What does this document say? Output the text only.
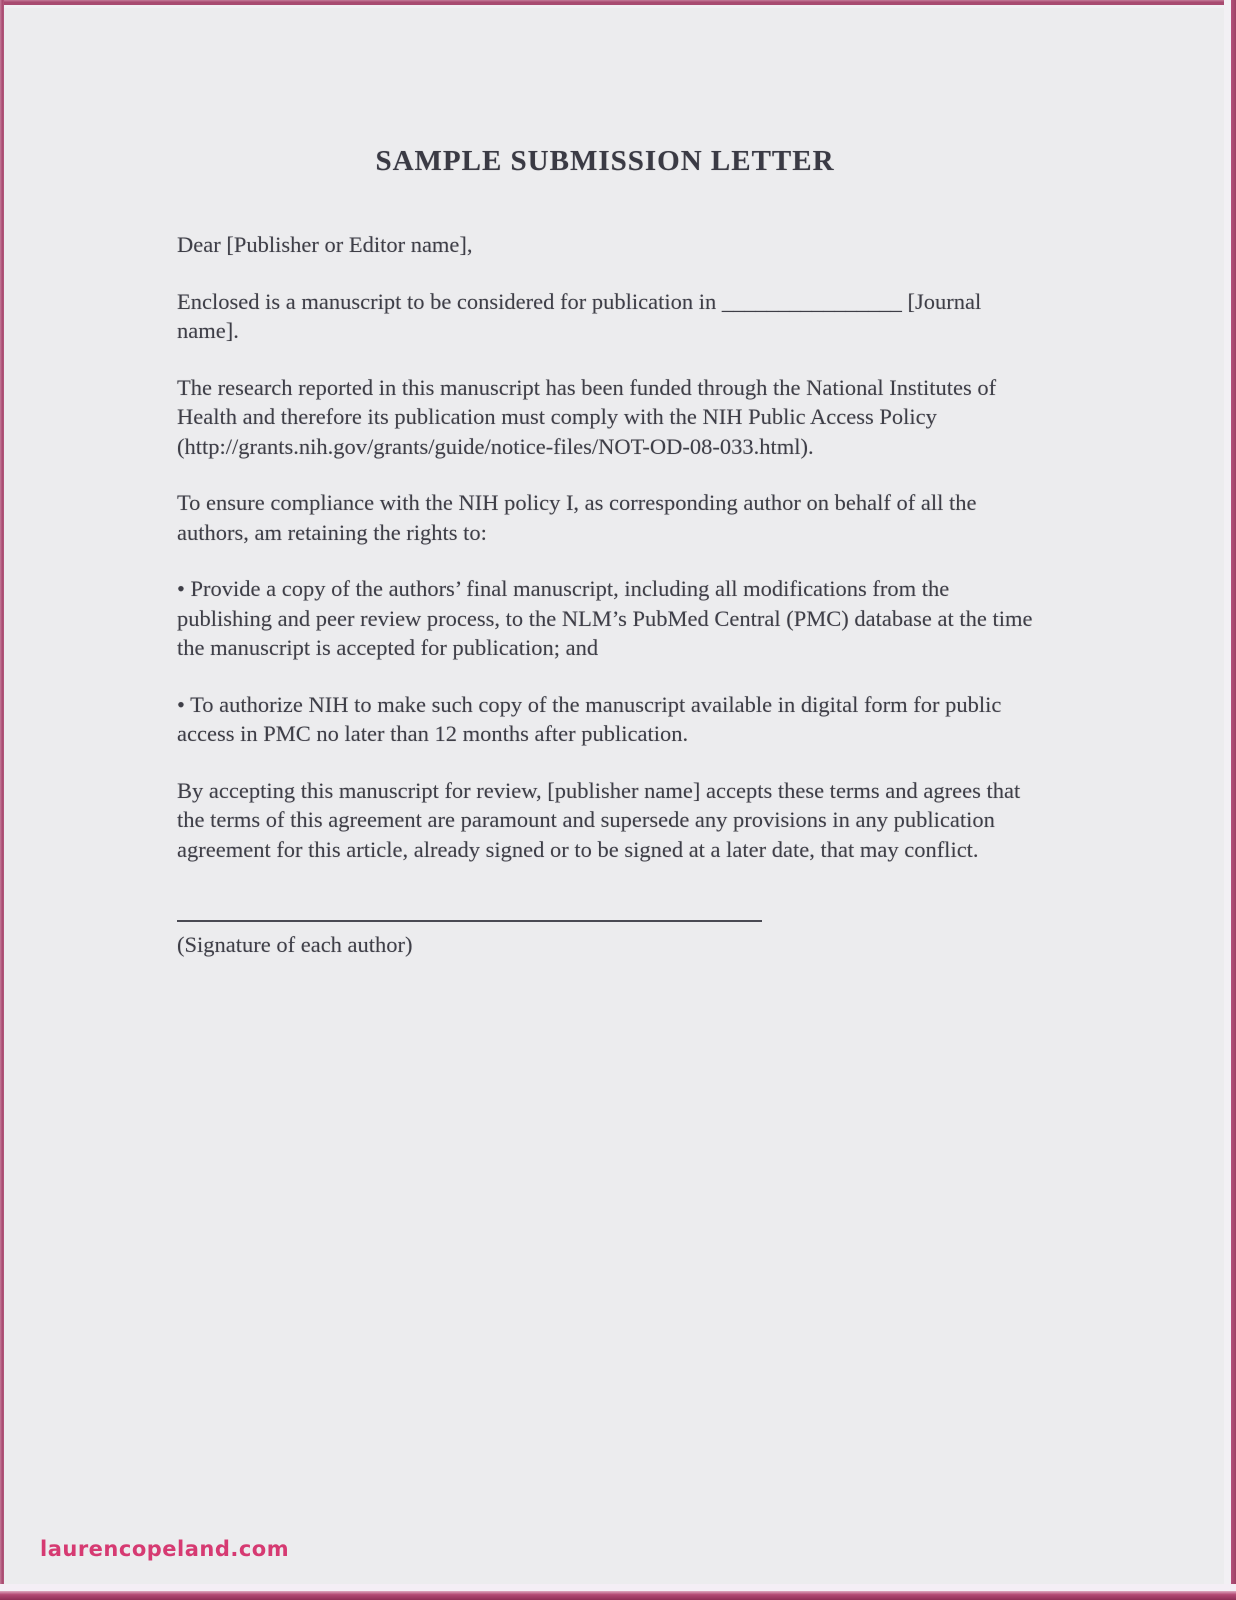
SAMPLE SUBMISSION LETTER

Dear [Publisher or Editor name],

Enclosed is a manuscript to be considered for publication in ________________ [Journal name].

The research reported in this manuscript has been funded through the National Institutes of Health and therefore its publication must comply with the NIH Public Access Policy (http://grants.nih.gov/grants/guide/notice-files/NOT-OD-08-033.html).

To ensure compliance with the NIH policy I, as corresponding author on behalf of all the authors, am retaining the rights to:

• Provide a copy of the authors’ final manuscript, including all modifications from the publishing and peer review process, to the NLM’s PubMed Central (PMC) database at the time the manuscript is accepted for publication; and

• To authorize NIH to make such copy of the manuscript available in digital form for public access in PMC no later than 12 months after publication.

By accepting this manuscript for review, [publisher name] accepts these terms and agrees that the terms of this agreement are paramount and supersede any provisions in any publication agreement for this article, already signed or to be signed at a later date, that may conflict.

(Signature of each author)

laurencopeland.com
